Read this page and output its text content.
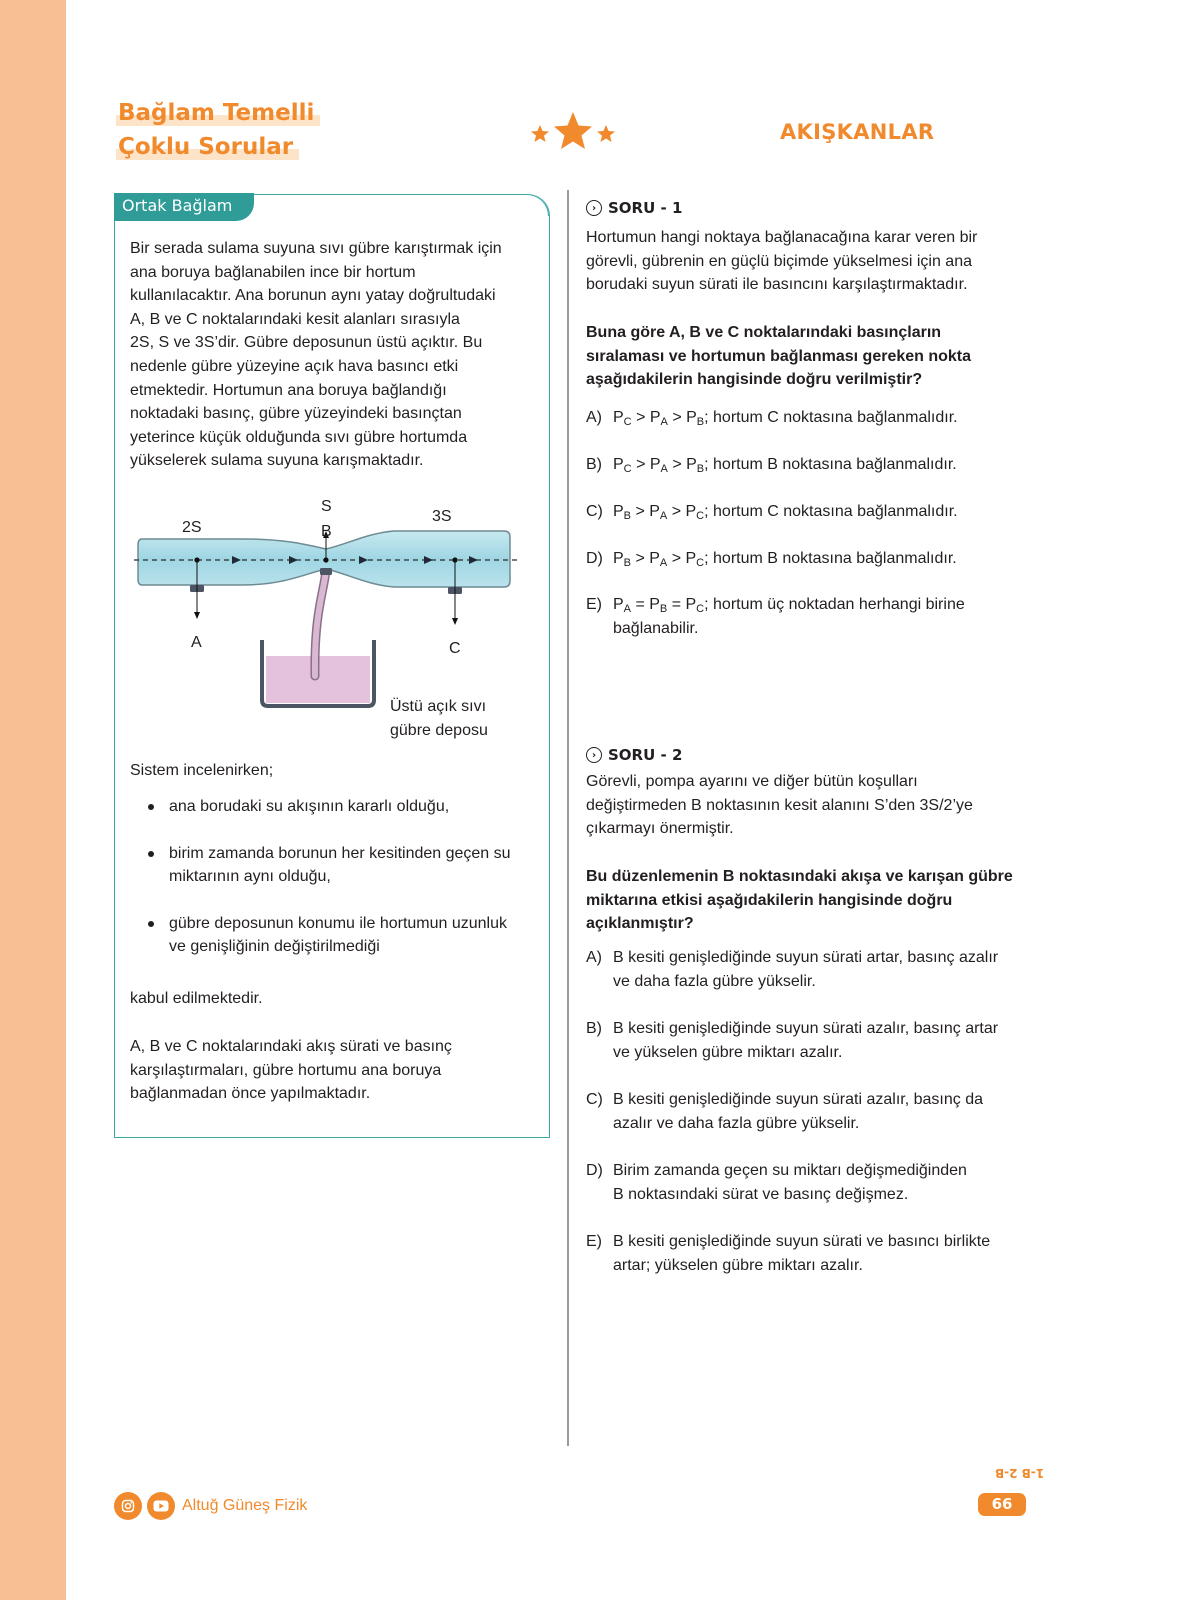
Bağlam Temelli
Çoklu Sorular
AKIŞKANLAR
Ortak Bağlam
Bir serada sulama suyuna sıvı gübre karıştırmak için
ana boruya bağlanabilen ince bir hortum
kullanılacaktır. Ana borunun aynı yatay doğrultudaki
A, B ve C noktalarındaki kesit alanları sırasıyla
2S, S ve 3S’dir. Gübre deposunun üstü açıktır. Bu
nedenle gübre yüzeyine açık hava basıncı etki
etmektedir. Hortumun ana boruya bağlandığı
noktadaki basınç, gübre yüzeyindeki basınçtan
yeterince küçük olduğunda sıvı gübre hortumda
yükselerek sulama suyuna karışmaktadır.
2S
S
B
3S
A	C
Üstü açık sıvı
gübre deposu
Sistem incelenirken;
ana borudaki su akışının kararlı olduğu,
birim zamanda borunun her kesitinden geçen su
miktarının aynı olduğu,
gübre deposunun konumu ile hortumun uzunluk
ve genişliğinin değiştirilmediği
kabul edilmektedir.
A, B ve C noktalarındaki akış sürati ve basınç
karşılaştırmaları, gübre hortumu ana boruya
bağlanmadan önce yapılmaktadır.
› SORU - 1
Hortumun hangi noktaya bağlanacağına karar veren bir
görevli, gübrenin en güçlü biçimde yükselmesi için ana
borudaki suyun sürati ile basıncını karşılaştırmaktadır.
Buna göre A, B ve C noktalarındaki basınçların
sıralaması ve hortumun bağlanması gereken nokta
aşağıdakilerin hangisinde doğru verilmiştir?
A) $P_C > P_A > P_B$; hortum C noktasına bağlanmalıdır.
B) $P_C > P_A > P_B$; hortum B noktasına bağlanmalıdır.
C) $P_B > P_A > P_C$; hortum C noktasına bağlanmalıdır.
D) $P_B > P_A > P_C$; hortum B noktasına bağlanmalıdır.
E) $P_A = P_B = P_C$; hortum üç noktadan herhangi birine
bağlanabilir.
› SORU - 2
Görevli, pompa ayarını ve diğer bütün koşulları
değiştirmeden B noktasının kesit alanını S’den 3S/2’ye
çıkarmayı önermiştir.
Bu düzenlemenin B noktasındaki akışa ve karışan gübre
miktarına etkisi aşağıdakilerin hangisinde doğru
açıklanmıştır?
A) B kesiti genişlediğinde suyun sürati artar, basınç azalır
ve daha fazla gübre yükselir.
B) B kesiti genişlediğinde suyun sürati azalır, basınç artar
ve yükselen gübre miktarı azalır.
C) B kesiti genişlediğinde suyun sürati azalır, basınç da
azalır ve daha fazla gübre yükselir.
D) Birim zamanda geçen su miktarı değişmediğinden
B noktasındaki sürat ve basınç değişmez.
E) B kesiti genişlediğinde suyun sürati ve basıncı birlikte
artar; yükselen gübre miktarı azalır.
Altuğ Güneş Fizik
1-B 2-B
66
